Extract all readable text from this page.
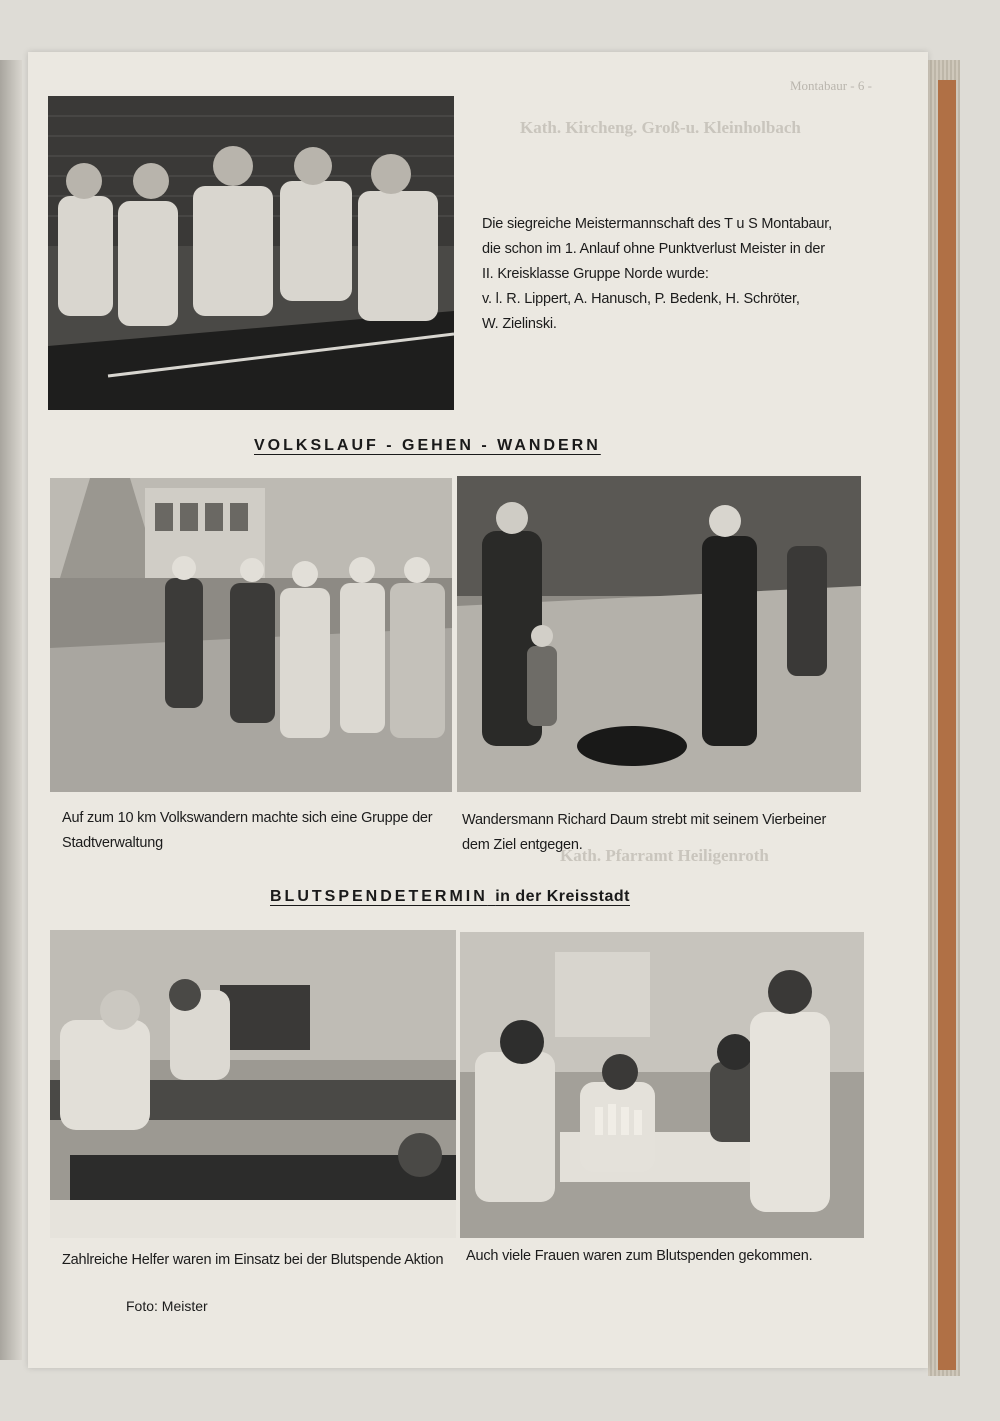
Montabaur - 6 -
Kath. Kircheng. Groß-u. Kleinholbach
Kath. Pfarramt Heiligenroth
Die siegreiche Meistermannschaft des T u S Montabaur,
die schon im 1. Anlauf ohne Punktverlust Meister in der
II. Kreisklasse Gruppe Norde wurde:
v. l. R. Lippert, A. Hanusch, P. Bedenk, H. Schröter,
W. Zielinski.
VOLKSLAUF - GEHEN - WANDERN
Auf zum 10 km Volkswandern machte sich eine Gruppe der
Stadtverwaltung
Wandersmann Richard Daum strebt mit seinem Vierbeiner
dem Ziel entgegen.
BLUTSPENDETERMIN in der Kreisstadt
Zahlreiche Helfer waren im Einsatz bei der Blutspende Aktion Auch viele Frauen waren zum Blutspenden gekommen.
Foto: Meister
